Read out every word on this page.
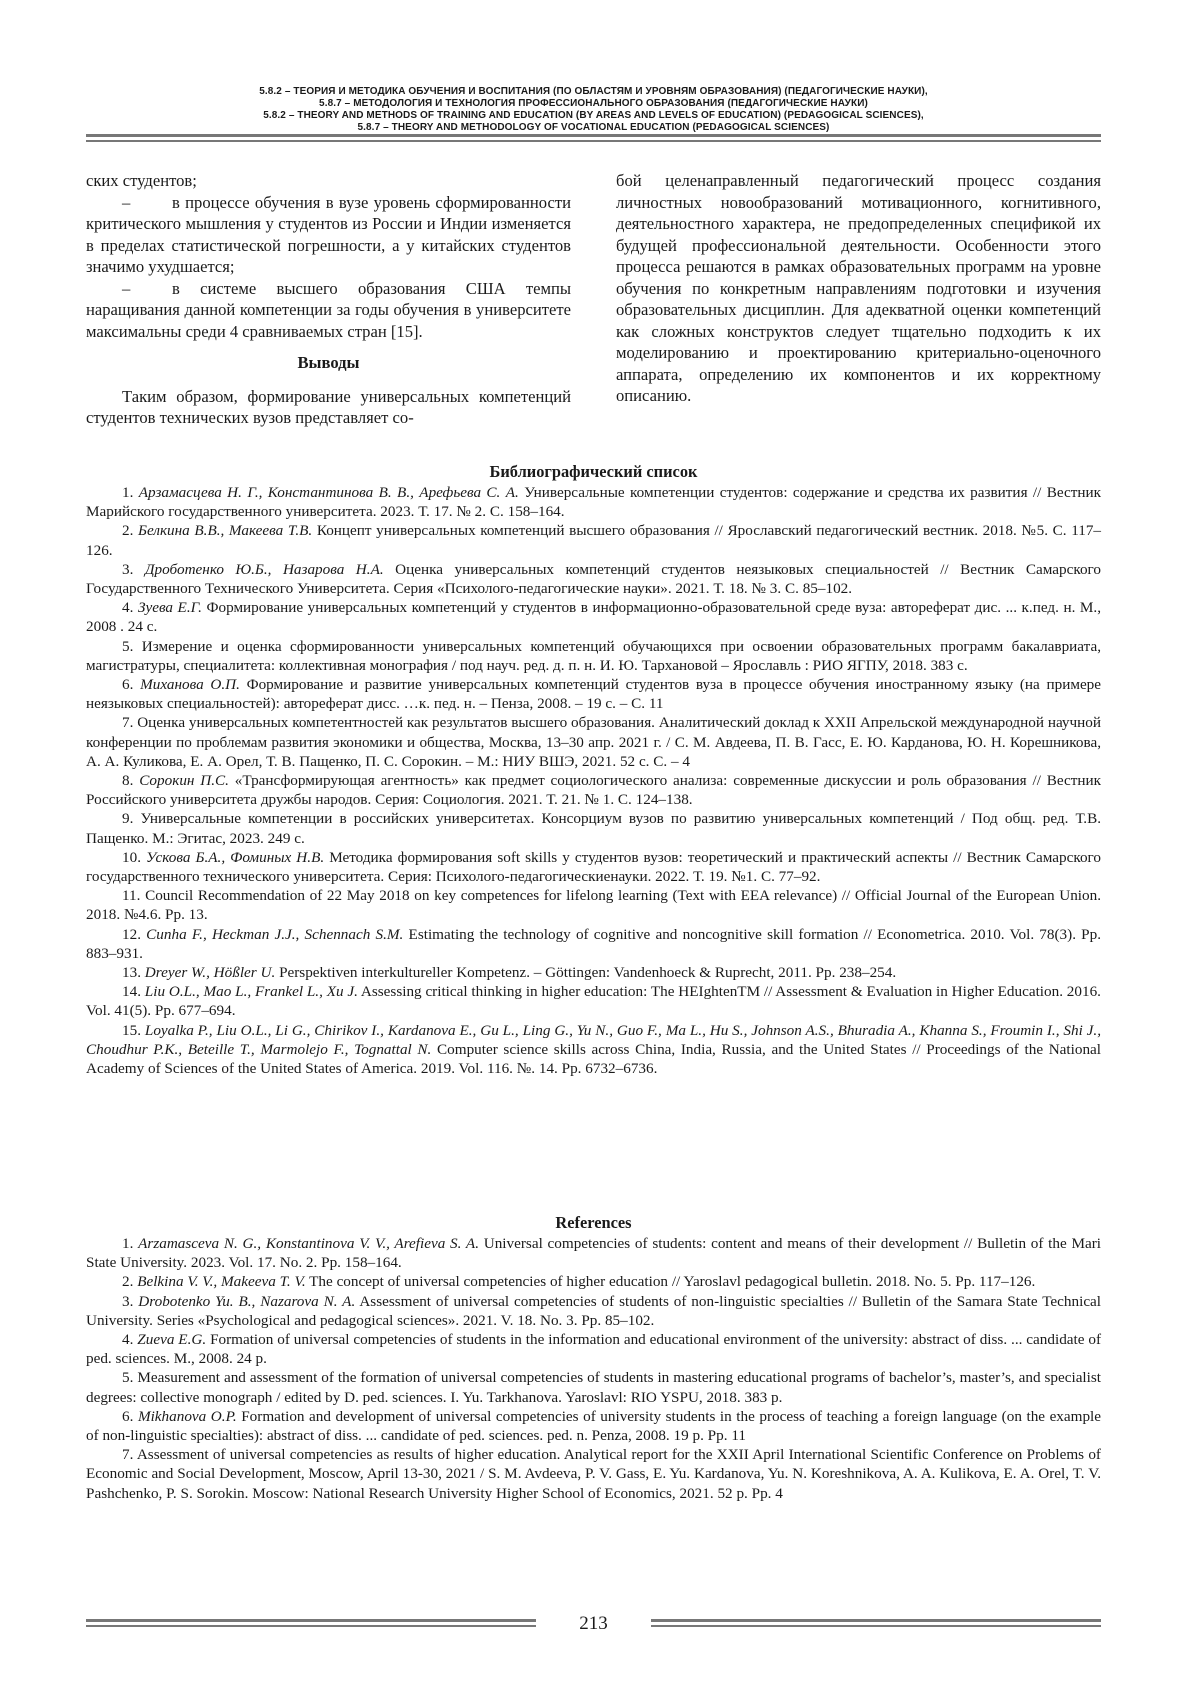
5.8.2 – ТЕОРИЯ И МЕТОДИКА ОБУЧЕНИЯ И ВОСПИТАНИЯ (ПО ОБЛАСТЯМ И УРОВНЯМ ОБРАЗОВАНИЯ) (ПЕДАГОГИЧЕСКИЕ НАУКИ),
5.8.7 – МЕТОДОЛОГИЯ И ТЕХНОЛОГИЯ ПРОФЕССИОНАЛЬНОГО ОБРАЗОВАНИЯ (ПЕДАГОГИЧЕСКИЕ НАУКИ)
5.8.2 – THEORY AND METHODS OF TRAINING AND EDUCATION (BY AREAS AND LEVELS OF EDUCATION) (PEDAGOGICAL SCIENCES),
5.8.7 – THEORY AND METHODOLOGY OF VOCATIONAL EDUCATION (PEDAGOGICAL SCIENCES)

ских студентов;

–	в процессе обучения в вузе уровень сформированности критического мышления у студентов из России и Индии изменяется в пределах статистической погрешности, а у китайских студентов значимо ухудшается;

–	в системе высшего образования США темпы наращивания данной компетенции за годы обучения в университете максимальны среди 4 сравниваемых стран [15].

Выводы

Таким образом, формирование универсальных компетенций студентов технических вузов представляет со-

бой целенаправленный педагогический процесс создания личностных новообразований мотивационного, когнитивного, деятельностного характера, не предопределенных спецификой их будущей профессиональной деятельности. Особенности этого процесса решаются в рамках образовательных программ на уровне обучения по конкретным направлениям подготовки и изучения образовательных дисциплин. Для адекватной оценки компетенций как сложных конструктов следует тщательно подходить к их моделированию и проектированию критериально-оценочного аппарата, определению их компонентов и их корректному описанию.

Библиографический список

1. Арзамасцева Н. Г., Константинова В. В., Арефьева С. А. Универсальные компетенции студентов: содержание и средства их развития // Вестник Марийского государственного университета. 2023. Т. 17. № 2. С. 158–164.

2. Белкина В.В., Макеева Т.В. Концепт универсальных компетенций высшего образования // Ярославский педагогический вестник. 2018. №5. С. 117–126.

3. Дроботенко Ю.Б., Назарова Н.А. Оценка универсальных компетенций студентов неязыковых специальностей // Вестник Самарского Государственного Технического Университета. Серия «Психолого-педагогические науки». 2021. Т. 18. № 3. С. 85–102.

4. Зуева Е.Г. Формирование универсальных компетенций у студентов в информационно-образовательной среде вуза: автореферат дис. ... к.пед. н. М., 2008 . 24 с.

5. Измерение и оценка сформированности универсальных компетенций обучающихся при освоении образовательных программ бакалавриата, магистратуры, специалитета: коллективная монография / под науч. ред. д. п. н. И. Ю. Тархановой – Ярославль : РИО ЯГПУ, 2018. 383 с.

6. Миханова О.П. Формирование и развитие универсальных компетенций студентов вуза в процессе обучения иностранному языку (на примере неязыковых специальностей): автореферат дисс. …к. пед. н. – Пенза, 2008. – 19 с. – С. 11

7. Оценка универсальных компетентностей как результатов высшего образования. Аналитический доклад к XXII Апрельской международной научной конференции по проблемам развития экономики и общества, Москва, 13–30 апр. 2021 г. / С. М. Авдеева, П. В. Гасс, Е. Ю. Карданова, Ю. Н. Корешникова, А. А. Куликова, Е. А. Орел, Т. В. Пащенко, П. С. Сорокин. – М.: НИУ ВШЭ, 2021. 52 с. С. – 4

8. Сорокин П.С. «Трансформирующая агентность» как предмет социологического анализа: современные дискуссии и роль образования // Вестник Российского университета дружбы народов. Серия: Социология. 2021. Т. 21. № 1. С. 124–138.

9. Универсальные компетенции в российских университетах. Консорциум вузов по развитию универсальных компетенций / Под общ. ред. Т.В. Пащенко. М.: Эгитас, 2023. 249 с.

10. Ускова Б.А., Фоминых Н.В. Методика формирования soft skills у студентов вузов: теоретический и практический аспекты // Вестник Самарского государственного технического университета. Серия: Психолого-педагогическиенауки. 2022. Т. 19. №1. С. 77–92.

11. Council Recommendation of 22 May 2018 on key competences for lifelong learning (Text with EEA relevance) // Official Journal of the European Union. 2018. №4.6. Pp. 13.

12. Cunha F., Heckman J.J., Schennach S.M. Estimating the technology of cognitive and noncognitive skill formation // Econometrica. 2010. Vol. 78(3). Pp. 883–931.

13. Dreyer W., Hößler U. Perspektiven interkultureller Kompetenz. – Göttingen: Vandenhoeck & Ruprecht, 2011. Pp. 238–254.

14. Liu O.L., Mao L., Frankel L., Xu J. Assessing critical thinking in higher education: The HEIghtenTM // Assessment & Evaluation in Higher Education. 2016. Vol. 41(5). Pp. 677–694.

15. Loyalka P., Liu O.L., Li G., Chirikov I., Kardanova E., Gu L., Ling G., Yu N., Guo F., Ma L., Hu S., Johnson A.S., Bhuradia A., Khanna S., Froumin I., Shi J., Choudhur P.K., Beteille T., Marmolejo F., Tognattal N. Computer science skills across China, India, Russia, and the United States // Proceedings of the National Academy of Sciences of the United States of America. 2019. Vol. 116. №. 14. Pp. 6732–6736.

References

1. Arzamasceva N. G., Konstantinova V. V., Arefieva S. A. Universal competencies of students: content and means of their development // Bulletin of the Mari State University. 2023. Vol. 17. No. 2. Pp. 158–164.

2. Belkina V. V., Makeeva T. V. The concept of universal competencies of higher education // Yaroslavl pedagogical bulletin. 2018. No. 5. Pp. 117–126.

3. Drobotenko Yu. B., Nazarova N. A. Assessment of universal competencies of students of non-linguistic specialties // Bulletin of the Samara State Technical University. Series «Psychological and pedagogical sciences». 2021. V. 18. No. 3. Pp. 85–102.

4. Zueva E.G. Formation of universal competencies of students in the information and educational environment of the university: abstract of diss. ... candidate of ped. sciences. M., 2008. 24 p.

5. Measurement and assessment of the formation of universal competencies of students in mastering educational programs of bachelor’s, master’s, and specialist degrees: collective monograph / edited by D. ped. sciences. I. Yu. Tarkhanova. Yaroslavl: RIO YSPU, 2018. 383 p.

6. Mikhanova O.P. Formation and development of universal competencies of university students in the process of teaching a foreign language (on the example of non-linguistic specialties): abstract of diss. ... candidate of ped. sciences. ped. n. Penza, 2008. 19 p. Pp. 11

7. Assessment of universal competencies as results of higher education. Analytical report for the XXII April International Scientific Conference on Problems of Economic and Social Development, Moscow, April 13-30, 2021 / S. M. Avdeeva, P. V. Gass, E. Yu. Kardanova, Yu. N. Koreshnikova, A. A. Kulikova, E. A. Orel, T. V. Pashchenko, P. S. Sorokin. Moscow: National Research University Higher School of Economics, 2021. 52 p. Pp. 4

213
